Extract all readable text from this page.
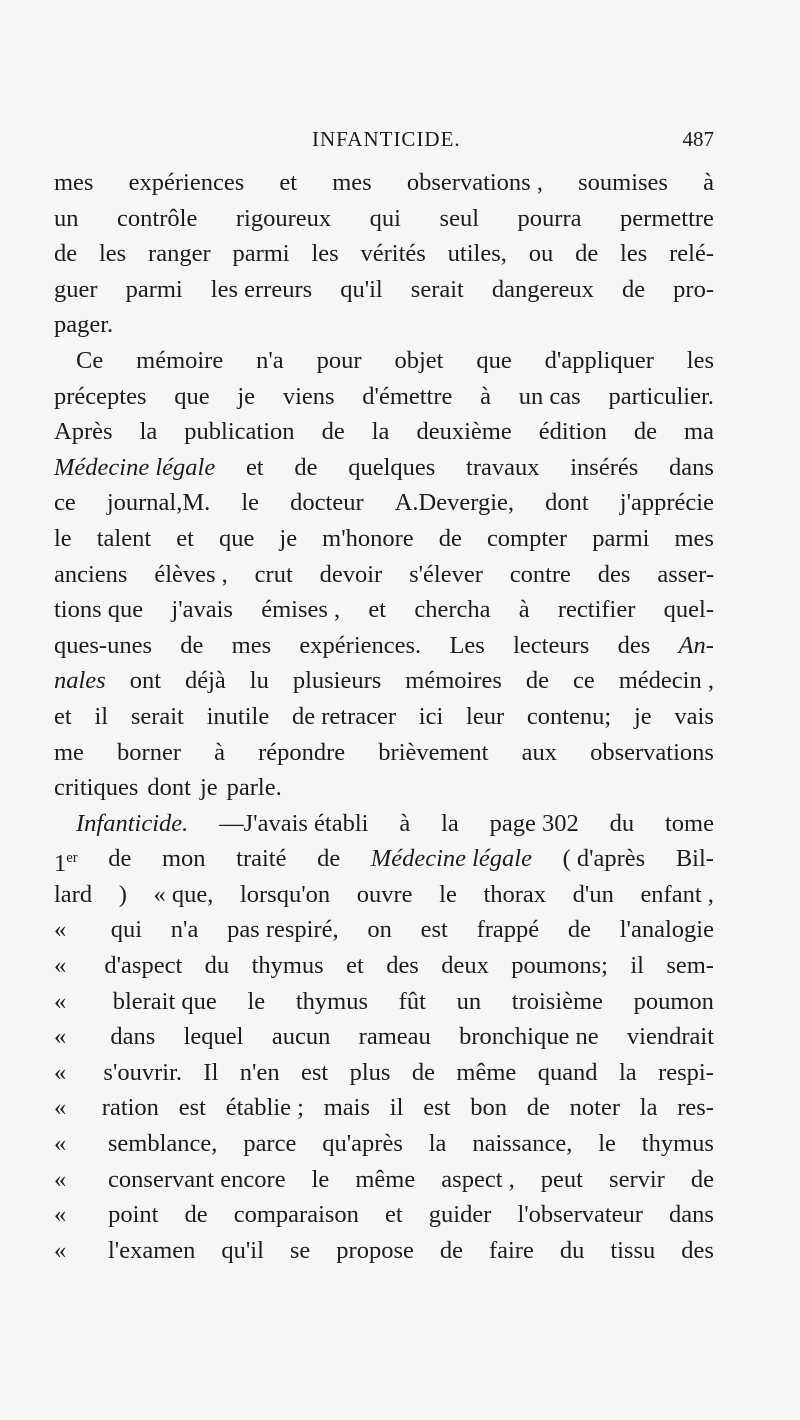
INFANTICIDE.	487
mes expériences et mes observations , soumises à
un contrôle rigoureux qui seul pourra permettre
de les ranger parmi les vérités utiles, ou de les relé-
guer parmi les erreurs qu'il serait dangereux de pro-
pager.
Ce mémoire n'a pour objet que d'appliquer les
préceptes que je viens d'émettre à un cas particulier.
Après la publication de la deuxième édition de ma
Médecine légale et de quelques travaux insérés dans
ce journal,M. le docteur A.Devergie, dont j'apprécie
le talent et que je m'honore de compter parmi mes
anciens élèves , crut devoir s'élever contre des asser-
tions que j'avais émises , et chercha à rectifier quel-
ques-unes de mes expériences. Les lecteurs des An-
nales ont déjà lu plusieurs mémoires de ce médecin ,
et il serait inutile de retracer ici leur contenu; je vais
me borner à répondre brièvement aux observations
critiques dont je parle.
Infanticide. —J'avais établi à la page 302 du tome
1er de mon traité de Médecine légale ( d'après Bil-
lard ) « que, lorsqu'on ouvre le thorax d'un enfant ,
«	qui n'a pas respiré, on est frappé de l'analogie
«	d'aspect du thymus et des deux poumons; il sem-
«	blerait que le thymus fût un troisième poumon
«	dans lequel aucun rameau bronchique ne viendrait
«	s'ouvrir. Il n'en est plus de même quand la respi-
«	ration est établie ; mais il est bon de noter la res-
«	semblance, parce qu'après la naissance, le thymus
«	conservant encore le même aspect , peut servir de
«	point de comparaison et guider l'observateur dans
«	l'examen qu'il se propose de faire du tissu des
